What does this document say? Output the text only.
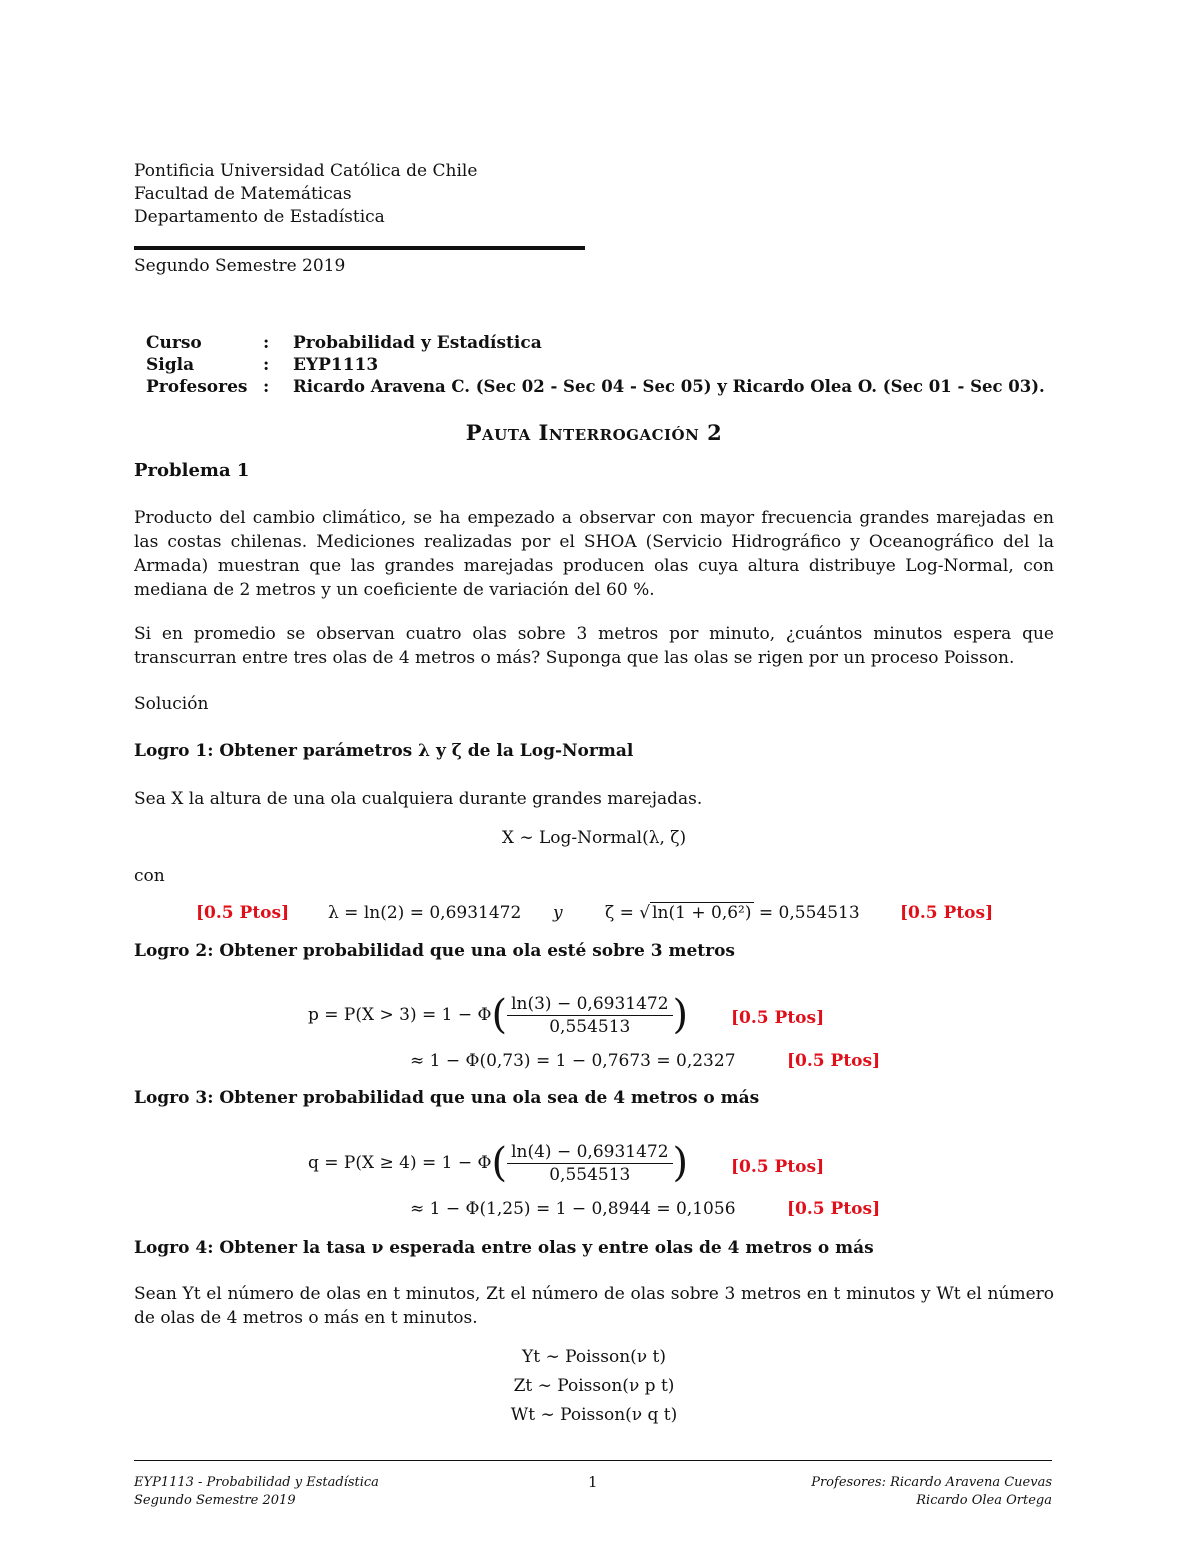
Pontificia Universidad Católica de Chile
Facultad de Matemáticas
Departamento de Estadística
Segundo Semestre 2019
Curso	: Probabilidad y Estadística
Sigla	: EYP1113
Profesores : Ricardo Aravena C. (Sec 02 - Sec 04 - Sec 05) y Ricardo Olea O. (Sec 01 - Sec 03).
Pauta Interrogación 2
Problema 1
Producto del cambio climático, se ha empezado a observar con mayor frecuencia grandes marejadas en las costas chilenas. Mediciones realizadas por el SHOA (Servicio Hidrográfico y Oceanográfico del la Armada) muestran que las grandes marejadas producen olas cuya altura distribuye Log-Normal, con mediana de 2 metros y un coeficiente de variación del 60 %.
Si en promedio se observan cuatro olas sobre 3 metros por minuto, ¿cuántos minutos espera que transcurran entre tres olas de 4 metros o más? Suponga que las olas se rigen por un proceso Poisson.
Solución
Logro 1: Obtener parámetros λ y ζ de la Log-Normal
Sea X la altura de una ola cualquiera durante grandes marejadas.
X ∼ Log-Normal(λ, ζ)
con
[0.5 Ptos] λ = ln(2) = 0,6931472 y ζ = √ ln(1 + 0,6²) = 0,554513 [0.5 Ptos]
Logro 2: Obtener probabilidad que una ola esté sobre 3 metros
p = P(X > 3) = 1 − Φ ( $\frac{\ln(3) - 0,6931472}{0,554513}$ )	[0.5 Ptos]
≈ 1 − Φ(0,73) = 1 − 0,7673 = 0,2327	[0.5 Ptos]
Logro 3: Obtener probabilidad que una ola sea de 4 metros o más
q = P(X ≥ 4) = 1 − Φ ( $\frac{\ln(4) - 0,6931472}{0,554513}$ )	[0.5 Ptos]
≈ 1 − Φ(1,25) = 1 − 0,8944 = 0,1056	[0.5 Ptos]
Logro 4: Obtener la tasa ν esperada entre olas y entre olas de 4 metros o más
Sean Yt el número de olas en t minutos, Zt el número de olas sobre 3 metros en t minutos y Wt el número de olas de 4 metros o más en t minutos.
Yt ∼ Poisson(ν t)
Zt ∼ Poisson(ν p t)
Wt ∼ Poisson(ν q t)
EYP1113 - Probabilidad y Estadística
Segundo Semestre 2019
1	Profesores: Ricardo Aravena Cuevas
Ricardo Olea Ortega
